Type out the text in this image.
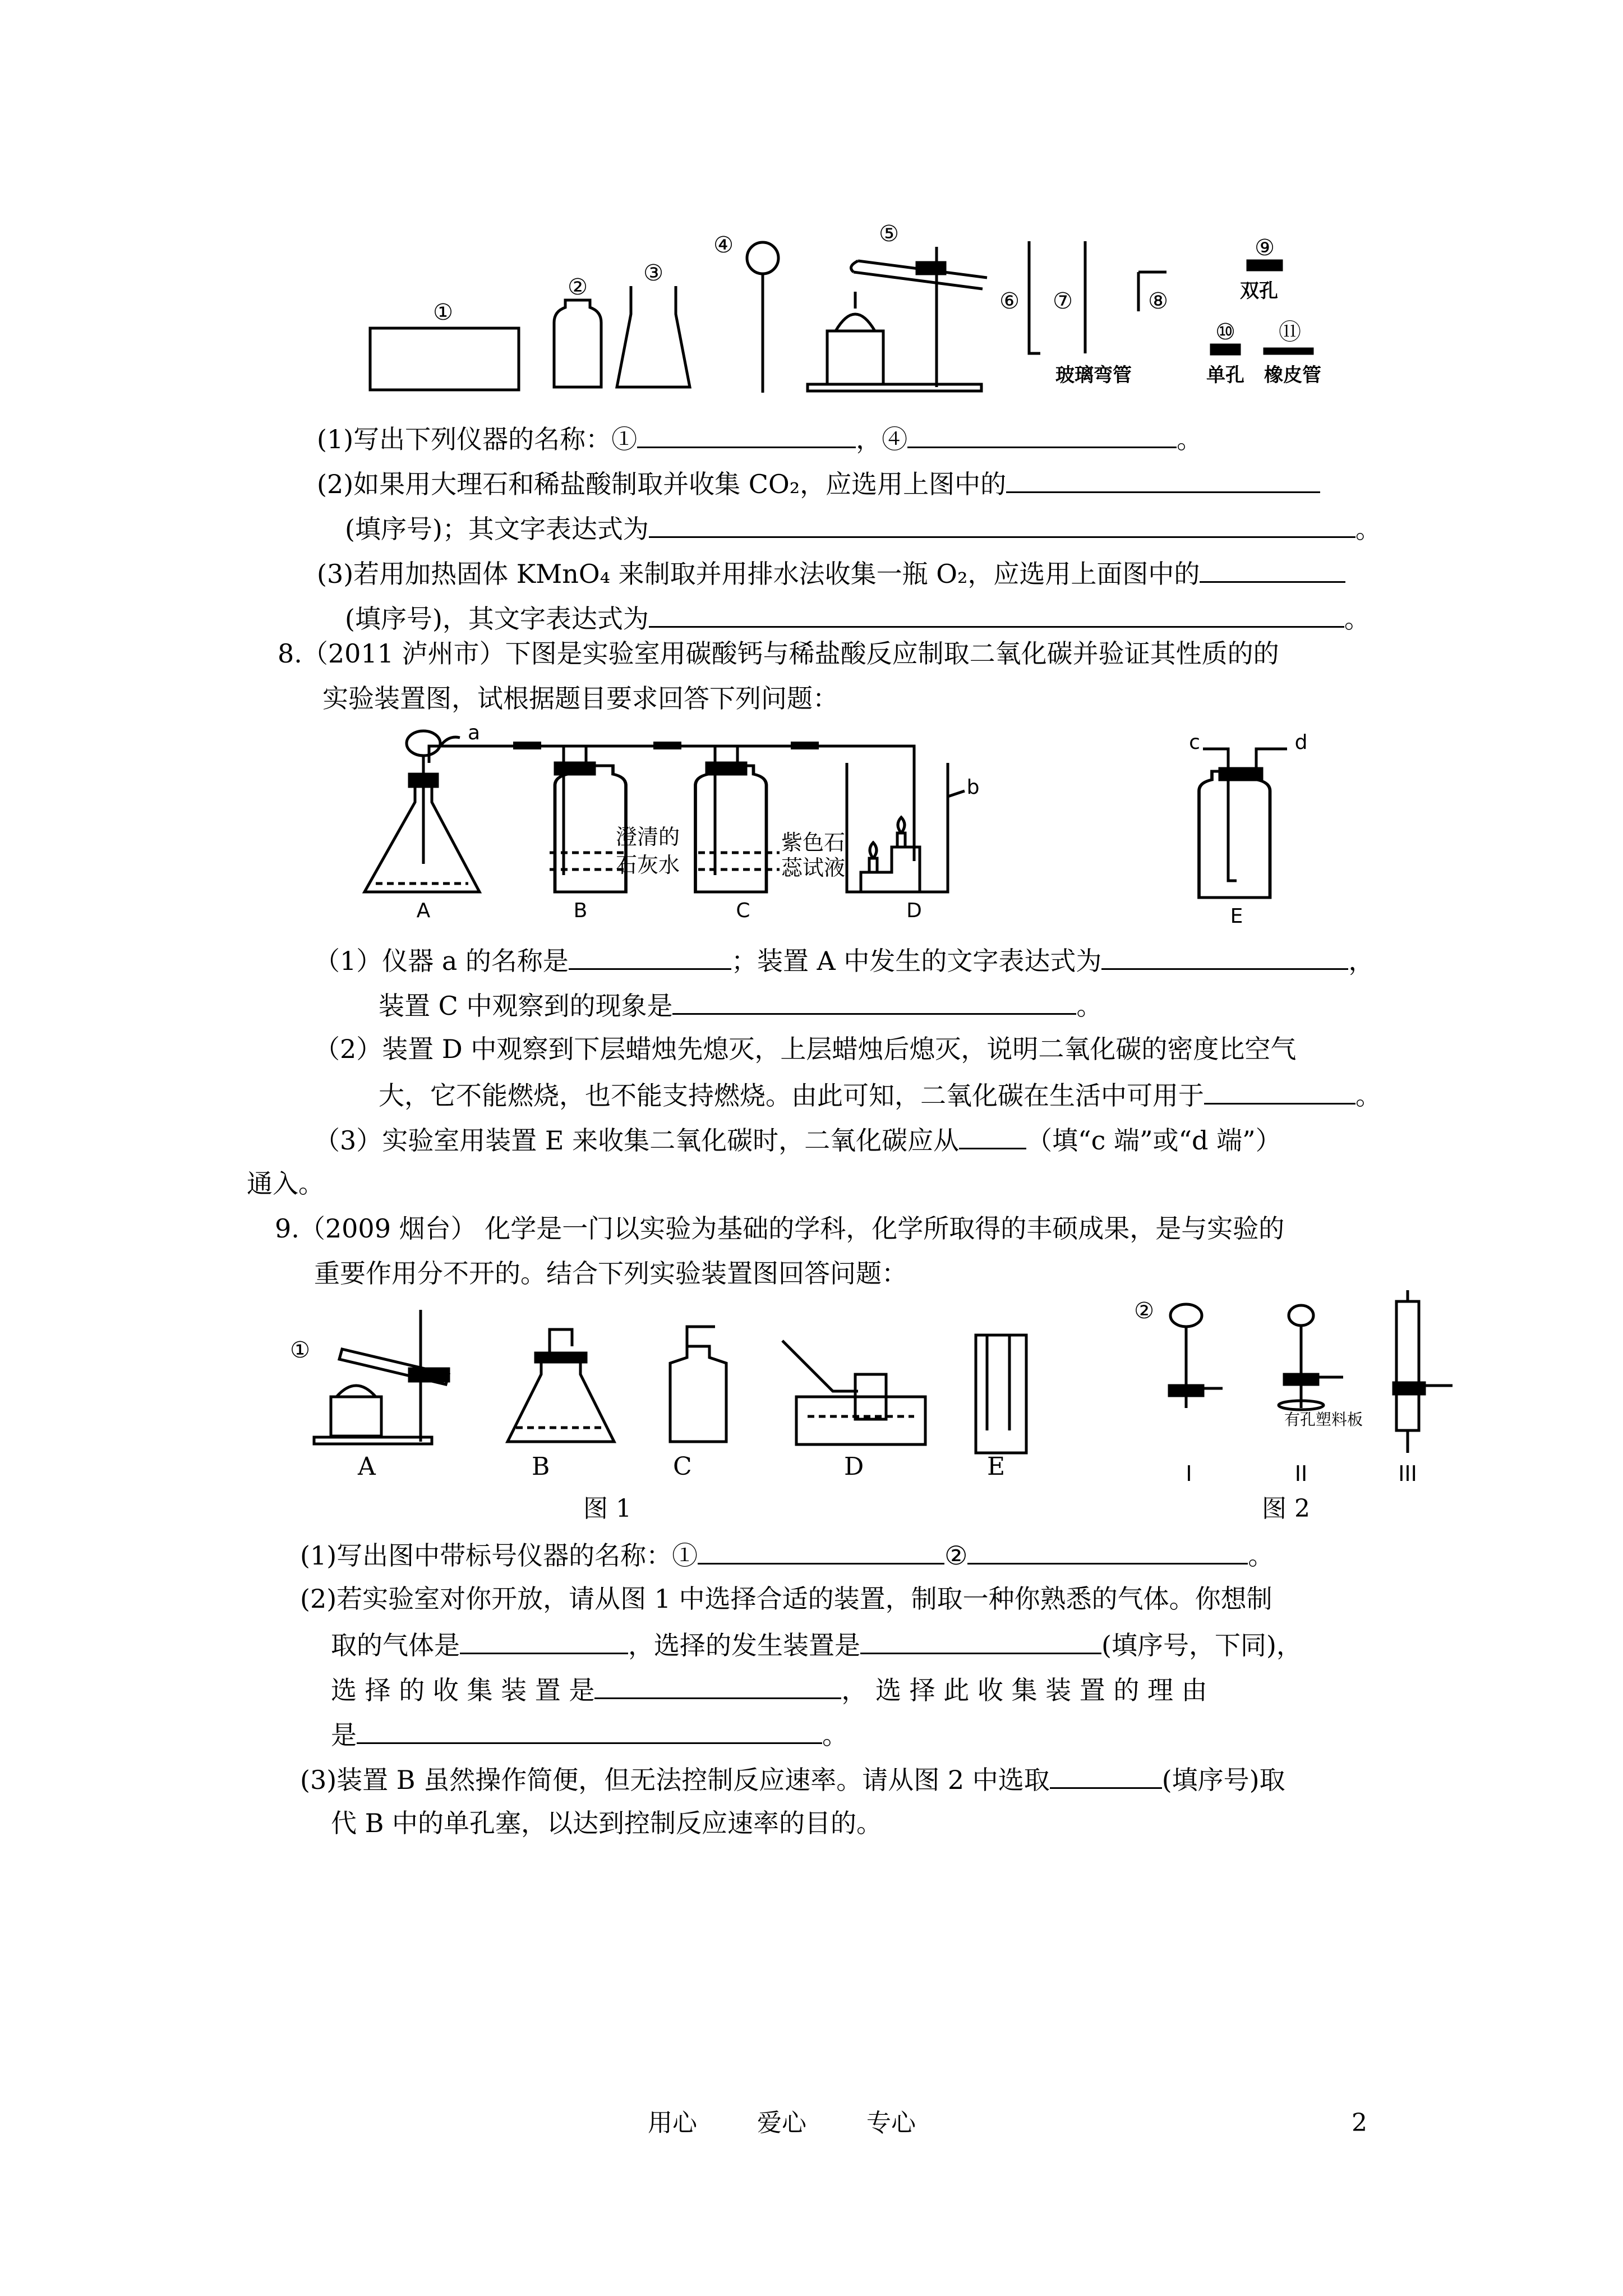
①
②
③
④	⑤
⑥ ⑦	⑧
⑨
⑩ ⑪
双孔
单孔 橡皮管
玻璃弯管
(1)写出下列仪器的名称：①	，④	。
(2)如果用大理石和稀盐酸制取并收集 CO₂，应选用上图中的
(填序号)；其文字表达式为	。
(3)若用加热固体 KMnO₄ 来制取并用排水法收集一瓶 O₂，应选用上面图中的
(填序号)，其文字表达式为	。
8.（2011 泸州市）下图是实验室用碳酸钙与稀盐酸反应制取二氧化碳并验证其性质的的
实验装置图，试根据题目要求回答下列问题：
a
b
c	d
A	B	C	D	E
澄清的
石灰水
紫色石
蕊试液
（1）仪器 a 的名称是	；装置 A 中发生的文字表达式为	，
装置 C 中观察到的现象是	。
（2）装置 D 中观察到下层蜡烛先熄灭，上层蜡烛后熄灭，说明二氧化碳的密度比空气
大，它不能燃烧，也不能支持燃烧。由此可知，二氧化碳在生活中可用于	。
（3）实验室用装置 E 来收集二氧化碳时，二氧化碳应从	（填“c 端”或“d 端”）
通入。
9.（2009 烟台） 化学是一门以实验为基础的学科，化学所取得的丰硕成果，是与实验的
重要作用分不开的。结合下列实验装置图回答问题：
①
②
I	II	III
有孔塑料板
A	B	C	D	E
图 1	图 2
(1)写出图中带标号仪器的名称：①	②	。
(2)若实验室对你开放，请从图 1 中选择合适的装置，制取一种你熟悉的气体。你想制
取的气体是	，选择的发生装置是	(填序号，下同)，
选 择 的 收 集 装 置 是	， 选 择 此 收 集 装 置 的 理 由
是	。
(3)装置 B 虽然操作简便，但无法控制反应速率。请从图 2 中选取	(填序号)取
代 B 中的单孔塞，以达到控制反应速率的目的。
用心 爱心 专心	2
